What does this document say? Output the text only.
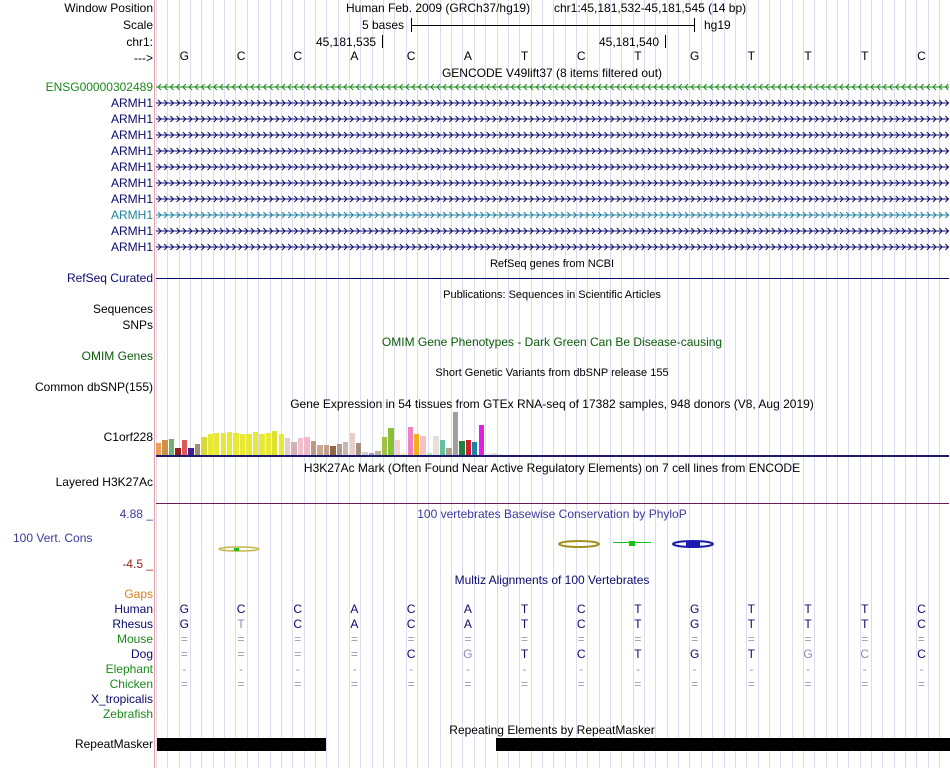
Window Position	Human Feb. 2009 (GRCh37/hg19) chr1:45,181,532-45,181,545 (14 bp)
Scale	5 bases	hg19
chr1:	45,181,535	45,181,540
---> G	C	C	A	C	A	T	C	T	G	T	T	T	C
GENCODE V49lift37 (8 items filtered out)
ENSG00000302489
ARMH1
ARMH1
ARMH1
ARMH1
ARMH1
ARMH1
ARMH1
ARMH1
ARMH1
ARMH1
RefSeq genes from NCBI
RefSeq Curated
Publications: Sequences in Scientific Articles
Sequences
SNPs
OMIM Gene Phenotypes - Dark Green Can Be Disease-causing
OMIM Genes
Short Genetic Variants from dbSNP release 155
Common dbSNP(155)
Gene Expression in 54 tissues from GTEx RNA-seq of 17382 samples, 948 donors (V8, Aug 2019)
C1orf228
H3K27Ac Mark (Often Found Near Active Regulatory Elements) on 7 cell lines from ENCODE
Layered H3K27Ac
100 vertebrates Basewise Conservation by PhyloP
4.88 _
100 Vert. Cons
-4.5 _
Multiz Alignments of 100 Vertebrates
Gaps
Human G	C	C	A	C	A	T	C	T	G	T	T	T	C
Rhesus G	T	C	A	C	A	T	C	T	G	T	T	T	C
Mouse =	=	=	=	=	=	=	=	=	=	=	=	=	=
Dog =	=	=	=	C	G	T	C	T	G	T	G	C	C
Elephant	-	-	-	-	-	-	-	-	-	-	-	-	-	-
Chicken =	=	=	=	=	=	=	=	=	=	=	=	=	=
X_tropicalis
Zebrafish
Repeating Elements by RepeatMasker
RepeatMasker
